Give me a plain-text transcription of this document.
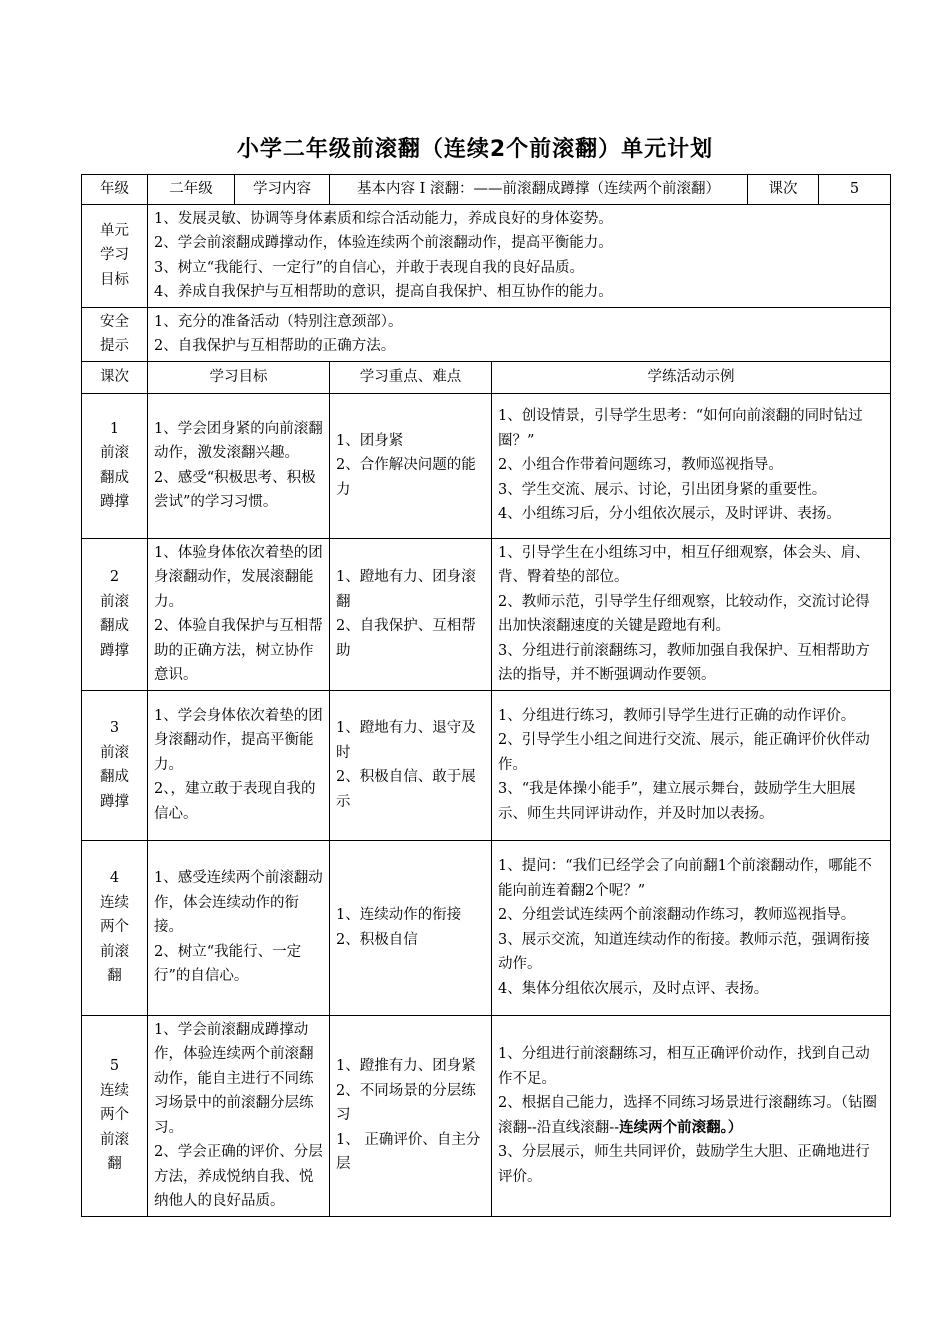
小学二年级前滚翻（连续2个前滚翻）单元计划
年级	二年级	学习内容	基本内容 I 滚翻：——前滚翻成蹲撑（连续两个前滚翻）		课次	5

单元
学习
目标	1、发展灵敏、协调等身体素质和综合活动能力，养成良好的身体姿势。
2、学会前滚翻成蹲撑动作，体验连续两个前滚翻动作，提高平衡能力。
3、树立“我能行、一定行”的自信心，并敢于表现自我的良好品质。
4、养成自我保护与互相帮助的意识，提高自我保护、相互协作的能力。					

安全
提示	1、充分的准备活动（特别注意颈部）。
2、自我保护与互相帮助的正确方法。					

课次	学习目标		学习重点、难点	学练活动示例		

1
前滚
翻成
蹲撑	1、学会团身紧的向前滚翻动作，激发滚翻兴趣。
2、感受“积极思考、积极尝试”的学习习惯。		1、团身紧
2、合作解决问题的能力	1、创设情景，引导学生思考：“如何向前滚翻的同时钻过圈？”
2、小组合作带着问题练习，教师巡视指导。
3、学生交流、展示、讨论，引出团身紧的重要性。
4、小组练习后，分小组依次展示，及时评讲、表扬。		

2
前滚
翻成
蹲撑	1、体验身体依次着垫的团身滚翻动作，发展滚翻能力。
2、体验自我保护与互相帮助的正确方法，树立协作意识。		1、蹬地有力、团身滚翻
2、自我保护、互相帮助	1、引导学生在小组练习中，相互仔细观察，体会头、肩、背、臀着垫的部位。
2、教师示范，引导学生仔细观察，比较动作，交流讨论得出加快滚翻速度的关键是蹬地有利。
3、分组进行前滚翻练习，教师加强自我保护、互相帮助方法的指导，并不断强调动作要领。		

3
前滚
翻成
蹲撑	1、学会身体依次着垫的团身滚翻动作，提高平衡能力。
2、，建立敢于表现自我的信心。		1、蹬地有力、退守及时
2、积极自信、敢于展示	1、分组进行练习，教师引导学生进行正确的动作评价。
2、引导学生小组之间进行交流、展示，能正确评价伙伴动作。
3、“我是体操小能手”，建立展示舞台，鼓励学生大胆展示、师生共同评讲动作，并及时加以表扬。		

4
连续
两个
前滚
翻	1、感受连续两个前滚翻动作，体会连续动作的衔接。
2、树立“我能行、一定行”的自信心。		1、连续动作的衔接
2、积极自信	1、提问：“我们已经学会了向前翻1个前滚翻动作，哪能不能向前连着翻2个呢？”
2、分组尝试连续两个前滚翻动作练习，教师巡视指导。
3、展示交流，知道连续动作的衔接。教师示范，强调衔接动作。
4、集体分组依次展示，及时点评、表扬。		

5
连续
两个
前滚
翻	1、学会前滚翻成蹲撑动作，体验连续两个前滚翻动作，能自主进行不同练习场景中的前滚翻分层练习。
2、学会正确的评价、分层方法，养成悦纳自我、悦纳他人的良好品质。		1、蹬推有力、团身紧
2、不同场景的分层练习
1、 正确评价、自主分层	1、分组进行前滚翻练习，相互正确评价动作，找到自己动作不足。
2、根据自己能力，选择不同练习场景进行滚翻练习。（钻圈滚翻--沿直线滚翻--连续两个前滚翻。）
3、分层展示，师生共同评价，鼓励学生大胆、正确地进行评价。		
